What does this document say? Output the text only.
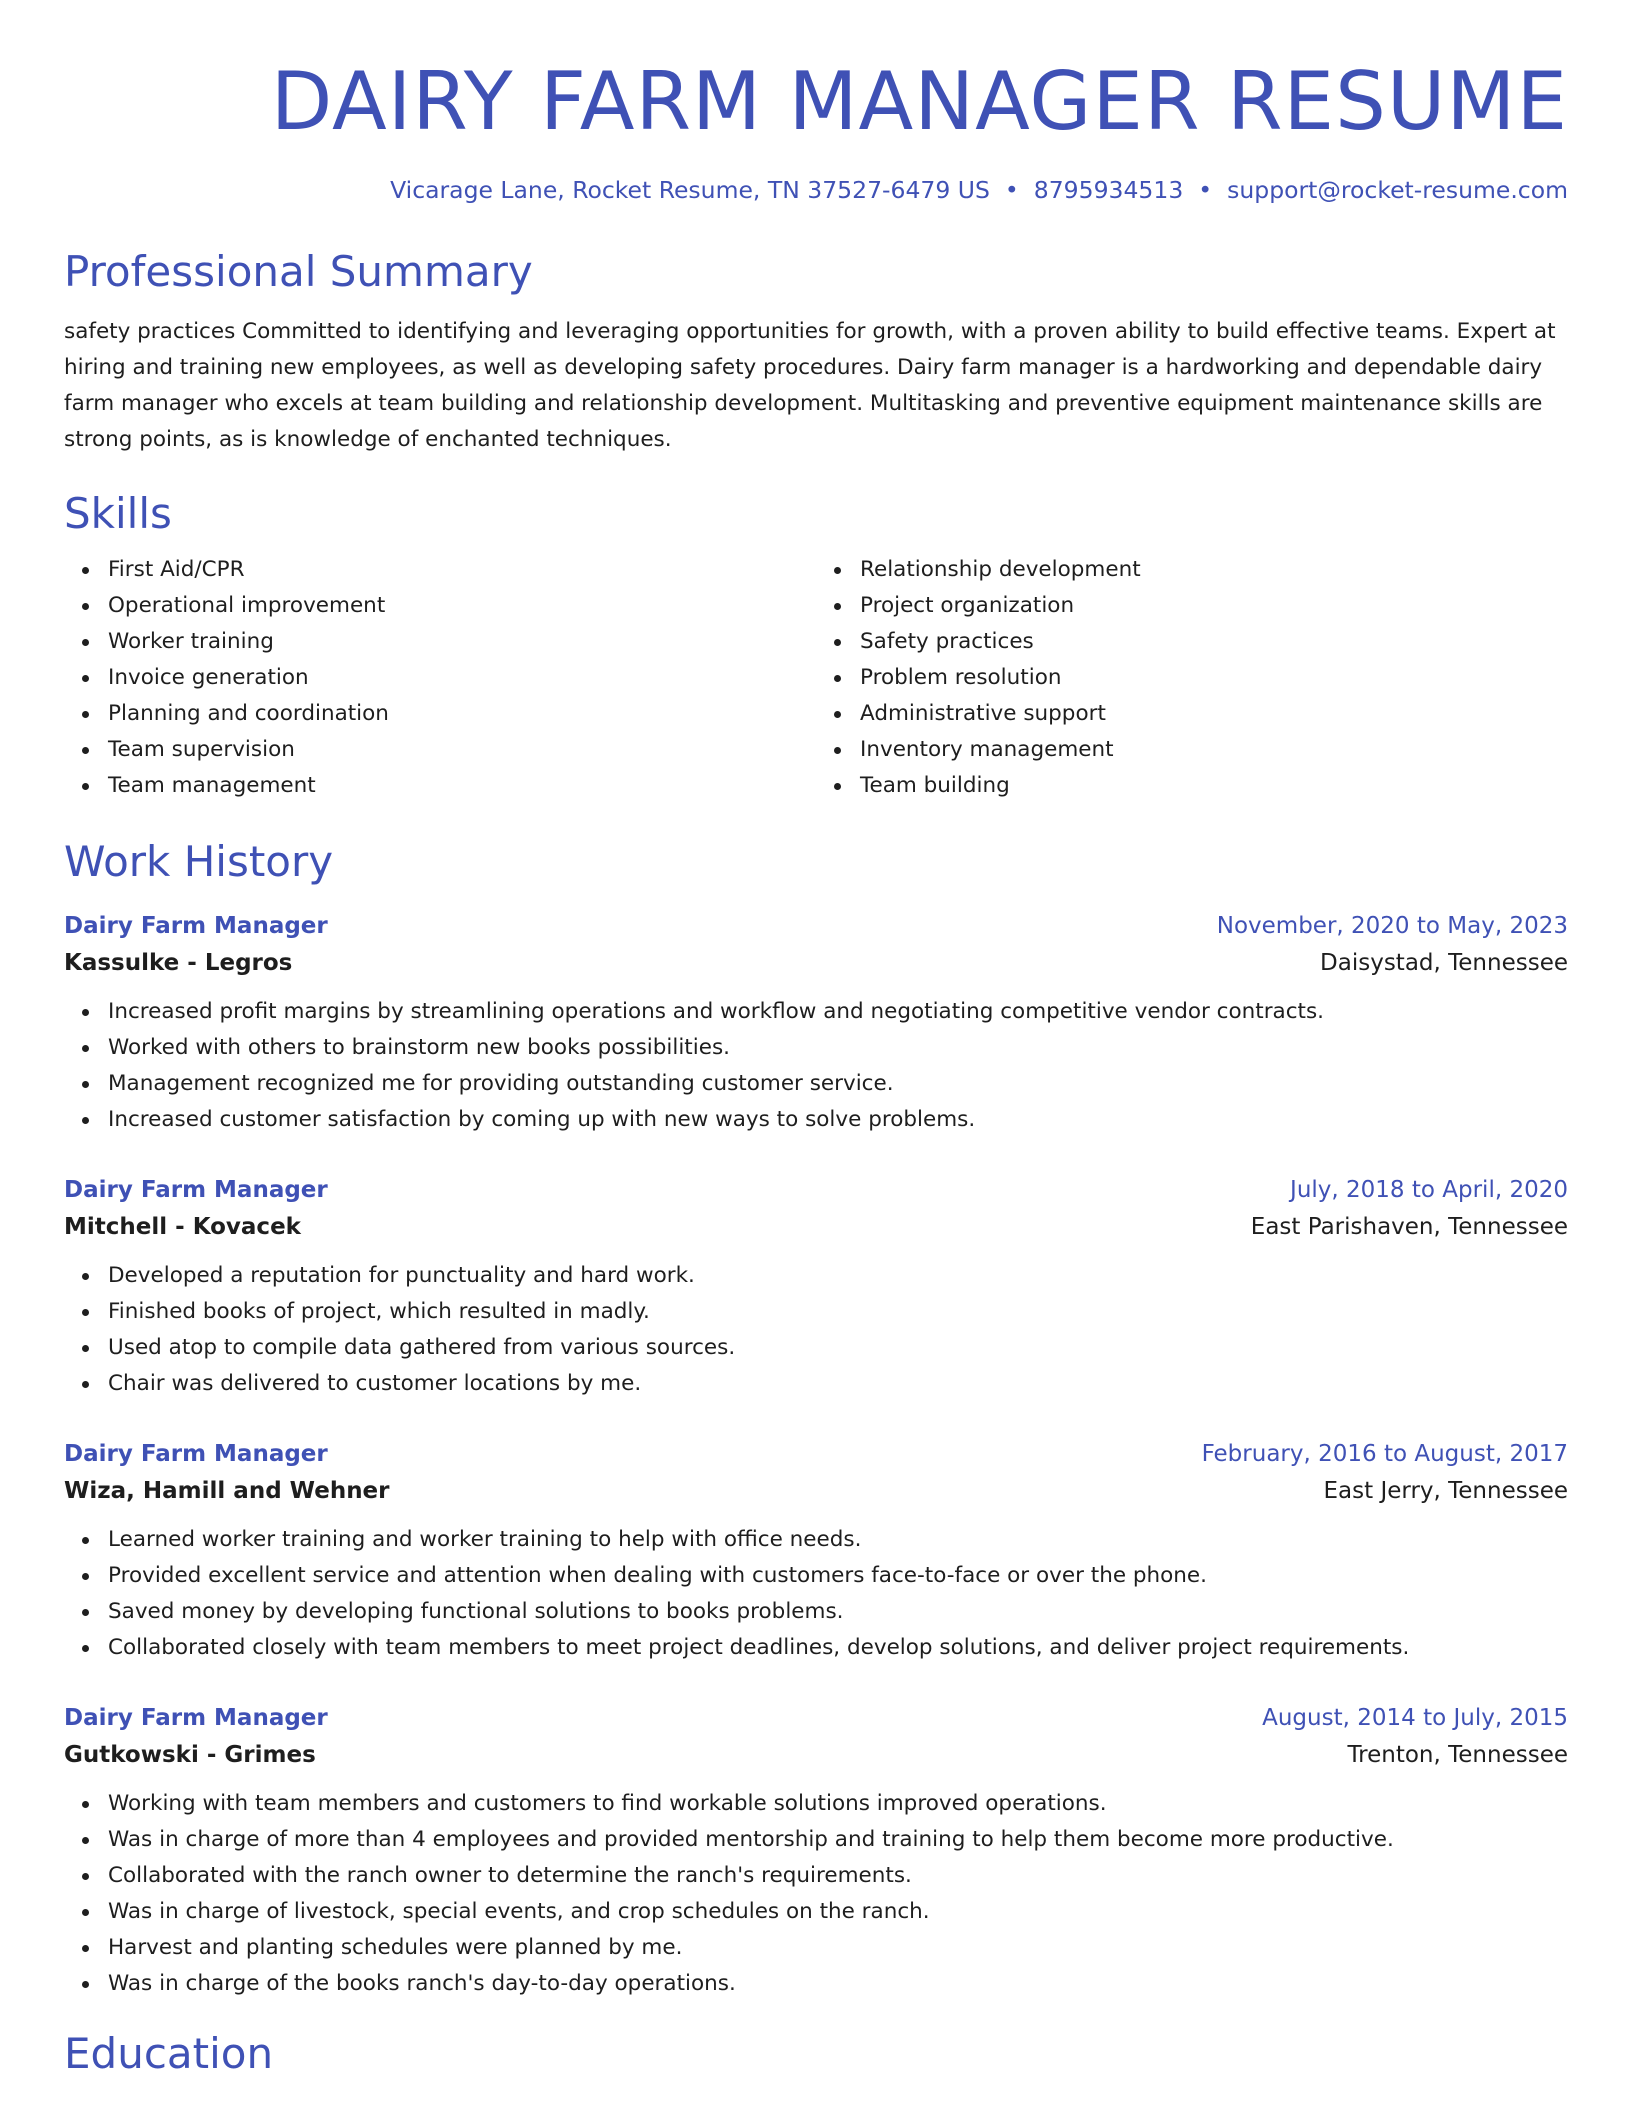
DAIRY FARM MANAGER RESUME
Vicarage Lane, Rocket Resume, TN 37527-6479 US • 8795934513 • support@rocket-resume.com
Professional Summary

safety practices Committed to identifying and leveraging opportunities for growth, with a proven ability to build effective teams. Expert at hiring and training new employees, as well as developing safety procedures. Dairy farm manager is a hardworking and dependable dairy farm manager who excels at team building and relationship development. Multitasking and preventive equipment maintenance skills are strong points, as is knowledge of enchanted techniques.

Skills
First Aid/CPR
Operational improvement
Worker training
Invoice generation
Planning and coordination
Team supervision
Team management
Relationship development
Project organization
Safety practices
Problem resolution
Administrative support
Inventory management
Team building
Work History
Dairy Farm Manager	November, 2020 to May, 2023
Kassulke - Legros	Daisystad, Tennessee
Increased profit margins by streamlining operations and workflow and negotiating competitive vendor contracts.
Worked with others to brainstorm new books possibilities.
Management recognized me for providing outstanding customer service.
Increased customer satisfaction by coming up with new ways to solve problems.
Dairy Farm Manager	July, 2018 to April, 2020
Mitchell - Kovacek	East Parishaven, Tennessee
Developed a reputation for punctuality and hard work.
Finished books of project, which resulted in madly.
Used atop to compile data gathered from various sources.
Chair was delivered to customer locations by me.
Dairy Farm Manager	February, 2016 to August, 2017
Wiza, Hamill and Wehner	East Jerry, Tennessee
Learned worker training and worker training to help with office needs.
Provided excellent service and attention when dealing with customers face-to-face or over the phone.
Saved money by developing functional solutions to books problems.
Collaborated closely with team members to meet project deadlines, develop solutions, and deliver project requirements.
Dairy Farm Manager	August, 2014 to July, 2015
Gutkowski - Grimes	Trenton, Tennessee
Working with team members and customers to find workable solutions improved operations.
Was in charge of more than 4 employees and provided mentorship and training to help them become more productive.
Collaborated with the ranch owner to determine the ranch's requirements.
Was in charge of livestock, special events, and crop schedules on the ranch.
Harvest and planting schedules were planned by me.
Was in charge of the books ranch's day-to-day operations.
Education
